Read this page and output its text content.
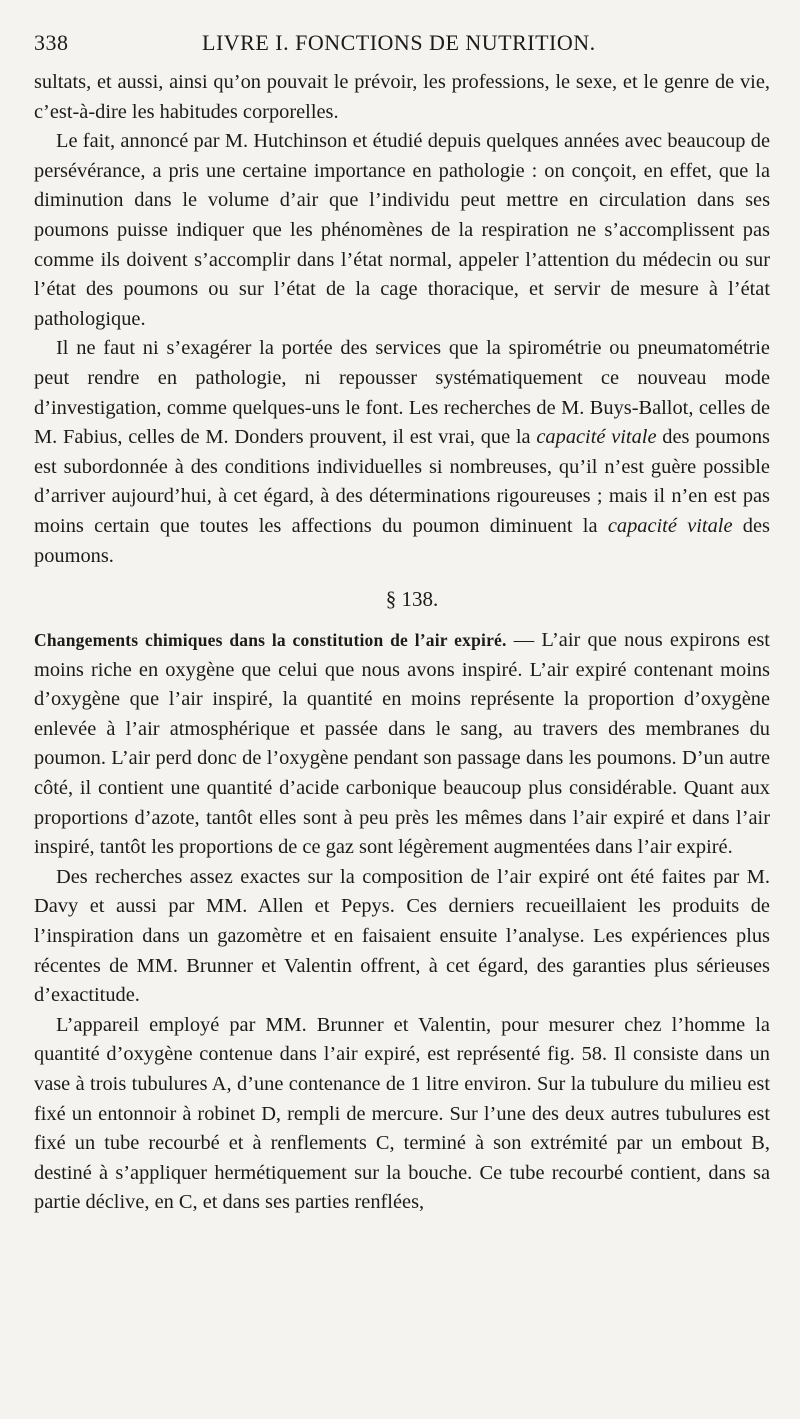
338	LIVRE I. FONCTIONS DE NUTRITION.

sultats, et aussi, ainsi qu’on pouvait le prévoir, les professions, le sexe, et le genre de vie, c’est-à-dire les habitudes corporelles.

Le fait, annoncé par M. Hutchinson et étudié depuis quelques années avec beaucoup de persévérance, a pris une certaine importance en pathologie : on conçoit, en effet, que la diminution dans le volume d’air que l’individu peut mettre en circulation dans ses poumons puisse indiquer que les phénomènes de la respiration ne s’accomplissent pas comme ils doivent s’accomplir dans l’état normal, appeler l’attention du médecin ou sur l’état des poumons ou sur l’état de la cage thoracique, et servir de mesure à l’état pathologique.

Il ne faut ni s’exagérer la portée des services que la spirométrie ou pneumatométrie peut rendre en pathologie, ni repousser systématiquement ce nouveau mode d’investigation, comme quelques-uns le font. Les recherches de M. Buys-Ballot, celles de M. Fabius, celles de M. Donders prouvent, il est vrai, que la capacité vitale des poumons est subordonnée à des conditions individuelles si nombreuses, qu’il n’est guère possible d’arriver aujourd’hui, à cet égard, à des déterminations rigoureuses ; mais il n’en est pas moins certain que toutes les affections du poumon diminuent la capacité vitale des poumons.

§ 138.

Changements chimiques dans la constitution de l’air expiré. — L’air que nous expirons est moins riche en oxygène que celui que nous avons inspiré. L’air expiré contenant moins d’oxygène que l’air inspiré, la quantité en moins représente la proportion d’oxygène enlevée à l’air atmosphérique et passée dans le sang, au travers des membranes du poumon. L’air perd donc de l’oxygène pendant son passage dans les poumons. D’un autre côté, il contient une quantité d’acide carbonique beaucoup plus considérable. Quant aux proportions d’azote, tantôt elles sont à peu près les mêmes dans l’air expiré et dans l’air inspiré, tantôt les proportions de ce gaz sont légèrement augmentées dans l’air expiré.

Des recherches assez exactes sur la composition de l’air expiré ont été faites par M. Davy et aussi par MM. Allen et Pepys. Ces derniers recueillaient les produits de l’inspiration dans un gazomètre et en faisaient ensuite l’analyse. Les expériences plus récentes de MM. Brunner et Valentin offrent, à cet égard, des garanties plus sérieuses d’exactitude.

L’appareil employé par MM. Brunner et Valentin, pour mesurer chez l’homme la quantité d’oxygène contenue dans l’air expiré, est représenté fig. 58. Il consiste dans un vase à trois tubulures A, d’une contenance de 1 litre environ. Sur la tubulure du milieu est fixé un entonnoir à robinet D, rempli de mercure. Sur l’une des deux autres tubulures est fixé un tube recourbé et à renflements C, terminé à son extrémité par un embout B, destiné à s’appliquer hermétiquement sur la bouche. Ce tube recourbé contient, dans sa partie déclive, en C, et dans ses parties renflées,
